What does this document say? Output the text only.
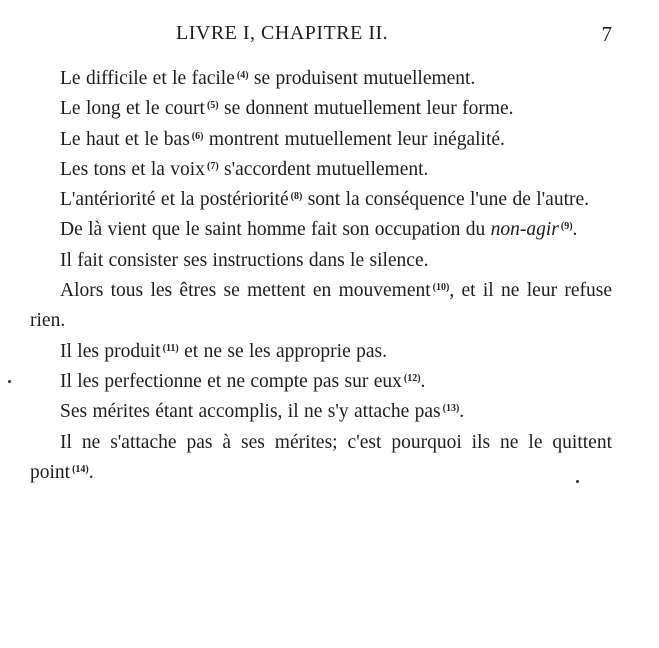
LIVRE I, CHAPITRE II.	7

Le difficile et le facile $^{(4)}$ se produisent mutuellement.

Le long et le court $^{(5)}$ se donnent mutuellement leur forme.

Le haut et le bas $^{(6)}$ montrent mutuellement leur inégalité.

Les tons et la voix $^{(7)}$ s'accordent mutuellement.

L'antériorité et la postériorité $^{(8)}$ sont la conséquence l'une de l'autre.

De là vient que le saint homme fait son occupation du non-agir $^{(9)}$.

Il fait consister ses instructions dans le silence.

Alors tous les êtres se mettent en mouvement $^{(10)}$, et il ne leur refuse rien.

Il les produit $^{(11)}$ et ne se les approprie pas.

Il les perfectionne et ne compte pas sur eux $^{(12)}$.

Ses mérites étant accomplis, il ne s'y attache pas $^{(13)}$.

Il ne s'attache pas à ses mérites; c'est pourquoi ils ne le quittent point $^{(14)}$.
